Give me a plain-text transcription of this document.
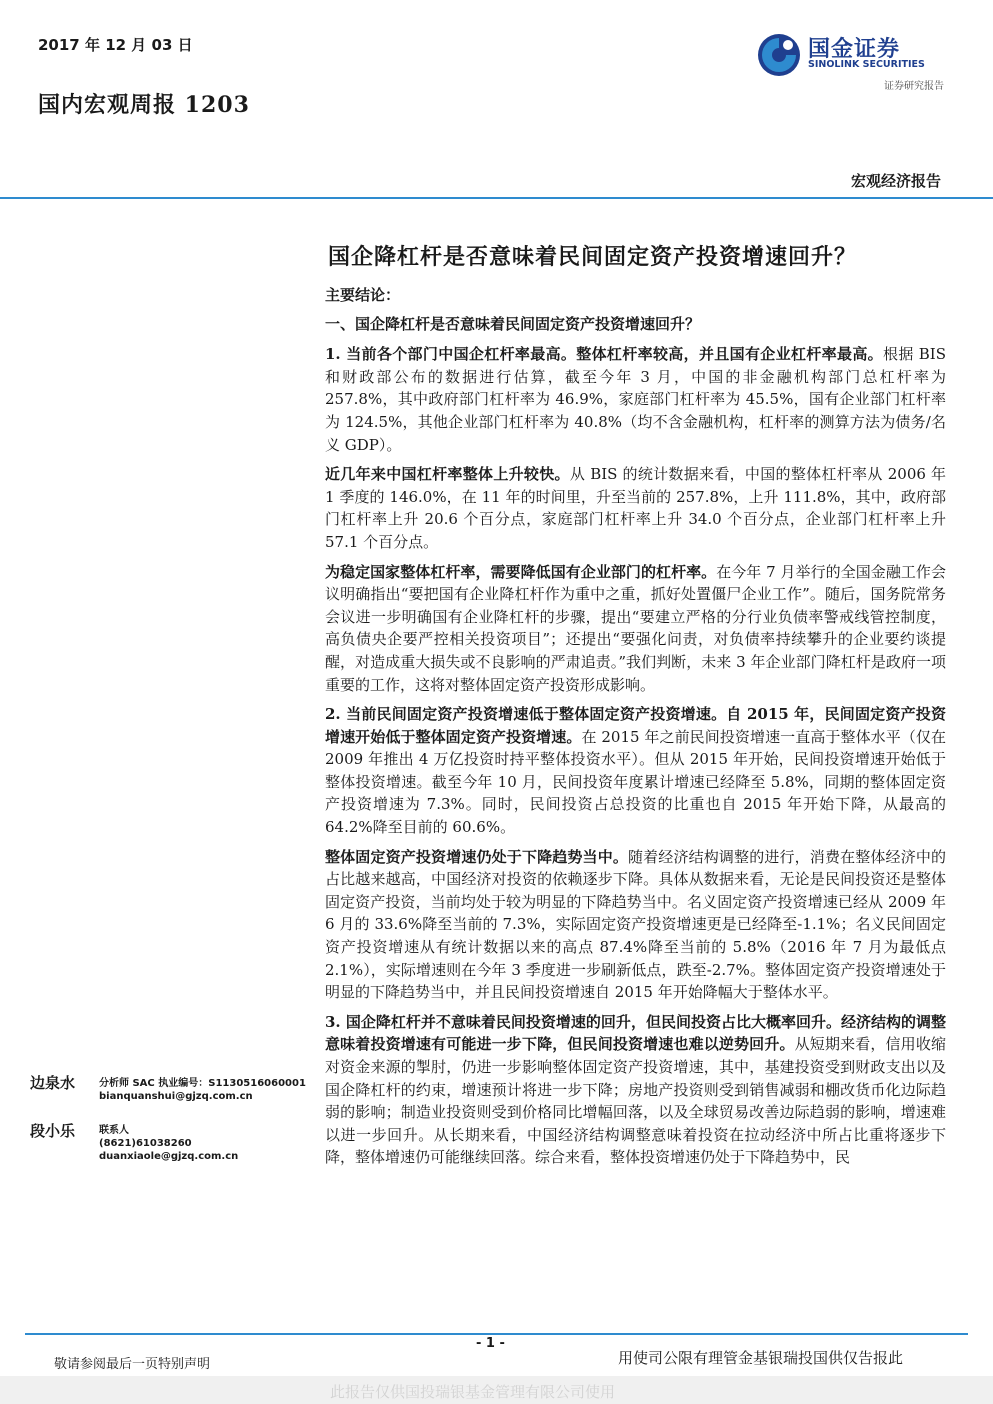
2017 年 12 月 03 日
国内宏观周报 1203
国金证券
SINOLINK SECURITIES
证券研究报告
宏观经济报告
国企降杠杆是否意味着民间固定资产投资增速回升？

主要结论：

一、国企降杠杆是否意味着民间固定资产投资增速回升？

1. 当前各个部门中国企杠杆率最高。整体杠杆率较高，并且国有企业杠杆率最高。根据 BIS 和财政部公布的数据进行估算，截至今年 3 月，中国的非金融机构部门总杠杆率为 257.8%，其中政府部门杠杆率为 46.9%，家庭部门杠杆率为 45.5%，国有企业部门杠杆率为 124.5%，其他企业部门杠杆率为 40.8%（均不含金融机构，杠杆率的测算方法为债务/名义 GDP）。

近几年来中国杠杆率整体上升较快。从 BIS 的统计数据来看，中国的整体杠杆率从 2006 年 1 季度的 146.0%，在 11 年的时间里，升至当前的 257.8%，上升 111.8%，其中，政府部门杠杆率上升 20.6 个百分点，家庭部门杠杆率上升 34.0 个百分点，企业部门杠杆率上升 57.1 个百分点。

为稳定国家整体杠杆率，需要降低国有企业部门的杠杆率。在今年 7 月举行的全国金融工作会议明确指出“要把国有企业降杠杆作为重中之重，抓好处置僵尸企业工作”。随后，国务院常务会议进一步明确国有企业降杠杆的步骤，提出“要建立严格的分行业负债率警戒线管控制度，高负债央企要严控相关投资项目”；还提出“要强化问责，对负债率持续攀升的企业要约谈提醒，对造成重大损失或不良影响的严肃追责。”我们判断，未来 3 年企业部门降杠杆是政府一项重要的工作，这将对整体固定资产投资形成影响。

2. 当前民间固定资产投资增速低于整体固定资产投资增速。自 2015 年，民间固定资产投资增速开始低于整体固定资产投资增速。在 2015 年之前民间投资增速一直高于整体水平（仅在 2009 年推出 4 万亿投资时持平整体投资水平）。但从 2015 年开始，民间投资增速开始低于整体投资增速。截至今年 10 月，民间投资年度累计增速已经降至 5.8%，同期的整体固定资产投资增速为 7.3%。同时，民间投资占总投资的比重也自 2015 年开始下降，从最高的 64.2%降至目前的 60.6%。

整体固定资产投资增速仍处于下降趋势当中。随着经济结构调整的进行，消费在整体经济中的占比越来越高，中国经济对投资的依赖逐步下降。具体从数据来看，无论是民间投资还是整体固定资产投资，当前均处于较为明显的下降趋势当中。名义固定资产投资增速已经从 2009 年 6 月的 33.6%降至当前的 7.3%，实际固定资产投资增速更是已经降至-1.1%；名义民间固定资产投资增速从有统计数据以来的高点 87.4%降至当前的 5.8%（2016 年 7 月为最低点 2.1%），实际增速则在今年 3 季度进一步刷新低点，跌至-2.7%。整体固定资产投资增速处于明显的下降趋势当中，并且民间投资增速自 2015 年开始降幅大于整体水平。

3. 国企降杠杆并不意味着民间投资增速的回升，但民间投资占比大概率回升。经济结构的调整意味着投资增速有可能进一步下降，但民间投资增速也难以逆势回升。从短期来看，信用收缩对资金来源的掣肘，仍进一步影响整体固定资产投资增速，其中，基建投资受到财政支出以及国企降杠杆的约束，增速预计将进一步下降；房地产投资则受到销售减弱和棚改货币化边际趋弱的影响；制造业投资则受到价格同比增幅回落，以及全球贸易改善边际趋弱的影响，增速难以进一步回升。从长期来看，中国经济结构调整意味着投资在拉动经济中所占比重将逐步下降，整体增速仍可能继续回落。综合来看，整体投资增速仍处于下降趋势中，民

边泉水 分析师 SAC 执业编号：S1130516060001
bianquanshui@gjzq.com.cn
段小乐 联系人
(8621)61038260
duanxiaole@gjzq.com.cn
- 1 -
敬请参阅最后一页特别声明	用使司公限有理管金基银瑞投国供仅告报此
此报告仅供国投瑞银基金管理有限公司使用
